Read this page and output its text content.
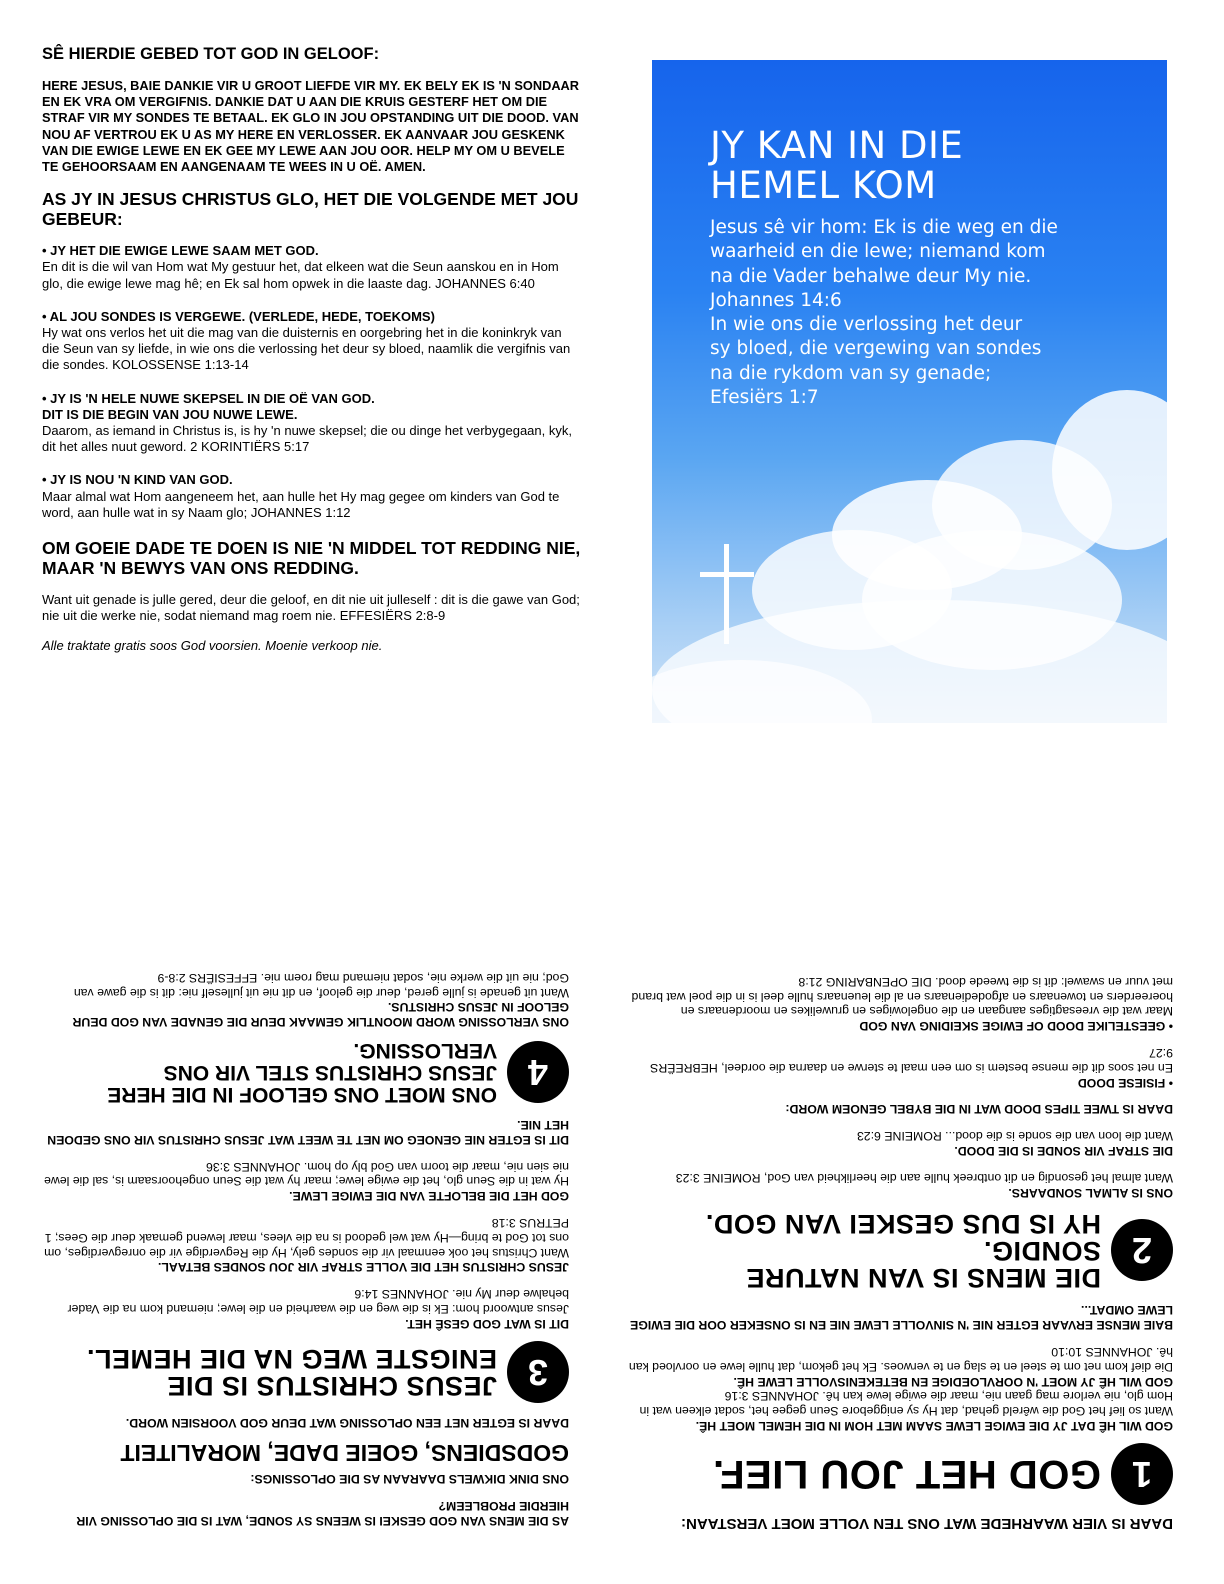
SÊ HIERDIE GEBED TOT GOD IN GELOOF:

HERE JESUS, BAIE DANKIE VIR U GROOT LIEFDE VIR MY. EK BELY EK IS 'N SONDAAR EN EK VRA OM VERGIFNIS. DANKIE DAT U AAN DIE KRUIS GESTERF HET OM DIE STRAF VIR MY SONDES TE BETAAL. EK GLO IN JOU OPSTANDING UIT DIE DOOD. VAN NOU AF VERTROU EK U AS MY HERE EN VERLOSSER. EK AANVAAR JOU GESKENK VAN DIE EWIGE LEWE EN EK GEE MY LEWE AAN JOU OOR. HELP MY OM U BEVELE TE GEHOORSAAM EN AANGENAAM TE WEES IN U OË. AMEN.

AS JY IN JESUS CHRISTUS GLO, HET DIE VOLGENDE MET JOU GEBEUR:

• JY HET DIE EWIGE LEWE SAAM MET GOD.

En dit is die wil van Hom wat My gestuur het, dat elkeen wat die Seun aanskou en in Hom glo, die ewige lewe mag hê; en Ek sal hom opwek in die laaste dag. JOHANNES 6:40

• AL JOU SONDES IS VERGEWE. (VERLEDE, HEDE, TOEKOMS)

Hy wat ons verlos het uit die mag van die duisternis en oorgebring het in die koninkryk van die Seun van sy liefde, in wie ons die verlossing het deur sy bloed, naamlik die vergifnis van die sondes. KOLOSSENSE 1:13-14

• JY IS 'N HELE NUWE SKEPSEL IN DIE OË VAN GOD.

DIT IS DIE BEGIN VAN JOU NUWE LEWE.

Daarom, as iemand in Christus is, is hy 'n nuwe skepsel; die ou dinge het verbygegaan, kyk, dit het alles nuut geword. 2 KORINTIËRS 5:17

• JY IS NOU 'N KIND VAN GOD.

Maar almal wat Hom aangeneem het, aan hulle het Hy mag gegee om kinders van God te word, aan hulle wat in sy Naam glo; JOHANNES 1:12

OM GOEIE DADE TE DOEN IS NIE 'N MIDDEL TOT REDDING NIE, MAAR 'N BEWYS VAN ONS REDDING.

Want uit genade is julle gered, deur die geloof, en dit nie uit julleself : dit is die gawe van God; nie uit die werke nie, sodat niemand mag roem nie. EFFESIËRS 2:8-9

Alle traktate gratis soos God voorsien. Moenie verkoop nie.

JY KAN IN DIE
HEMEL KOM
Jesus sê vir hom: Ek is die weg en die
waarheid en die lewe; niemand kom
na die Vader behalwe deur My nie.
Johannes 14:6
In wie ons die verlossing het deur
sy bloed, die vergewing van sondes
na die rykdom van sy genade;
Efesiërs 1:7

DAAR IS VIER WAARHEDE WAT ONS TEN VOLLE MOET VERSTAAN:

1
GOD HET JOU LIEF.

GOD WIL HÊ DAT JY DIE EWIGE LEWE SAAM MET HOM IN DIE HEMEL MOET HÊ.

Want so lief het God die wêreld gehad, dat Hy sy eniggebore Seun gegee het, sodat elkeen wat in Hom glo, nie verlore mag gaan nie, maar die ewige lewe kan hê. JOHANNES 3:16

GOD WIL HÊ JY MOET 'N OORVLOEDIGE EN BETEKENISVOLLE LEWE HÊ.

Die dief kom net om te steel en te slag en te verwoes. Ek het gekom, dat hulle lewe en oorvloed kan hê. JOHANNES 10:10

BAIE MENSE ERVAAR EGTER NIE 'N SINVOLLE LEWE NIE EN IS ONSEKER OOR DIE EWIGE LEWE OMDAT...

2
DIE MENS IS VAN NATURE SONDIG.
HY IS DUS GESKEI VAN GOD.

ONS IS ALMAL SONDAARS.

Want almal het gesondig en dit ontbreek hulle aan die heerlikheid van God, ROMEINE 3:23

DIE STRAF VIR SONDE IS DIE DOOD.

Want die loon van die sonde is die dood... ROMEINE 6:23

DAAR IS TWEE TIPES DOOD WAT IN DIE BYBEL GENOEM WORD:

• FISIESE DOOD

En net soos dit die mense bestem is om een maal te sterwe en daarna die oordeel, HEBREËRS 9:27

• GEESTELIKE DOOD OF EWIGE SKEIDING VAN GOD

Maar wat die vreesagtiges aangaan en die ongelowiges en gruwelikes en moordenaars en hoereerders en towenaars en afgodedienaars en al die leuenaars hulle deel is in die poel wat brand met vuur en swawel: dit is die tweede dood. DIE OPENBARING 21:8

AS DIE MENS VAN GOD GESKEI IS WEENS SY SONDE, WAT IS DIE OPLOSSING VIR HIERDIE PROBLEEM?

ONS DINK DIKWELS DAARAAN AS DIE OPLOSSINGS:

GODSDIENS, GOEIE DADE, MORALITEIT

DAAR IS EGTER NET EEN OPLOSSING WAT DEUR GOD VOORSIEN WORD.

3
JESUS CHRISTUS IS DIE
ENIGSTE WEG NA DIE HEMEL.

DIT IS WAT GOD GESÊ HET.

Jesus antwoord hom: Ek is die weg en die waarheid en die lewe; niemand kom na die Vader behalwe deur My nie. JOHANNES 14:6

JESUS CHRISTUS HET DIE VOLLE STRAF VIR JOU SONDES BETAAL.

Want Christus het ook eenmaal vir die sondes gely, Hy die Regverdige vir die onregverdiges, om ons tot God te bring—Hy wat wel gedood is na die vlees, maar lewend gemaak deur die Gees; 1 PETRUS 3:18

GOD HET DIE BELOFTE VAN DIE EWIGE LEWE.

Hy wat in die Seun glo, het die ewige lewe; maar hy wat die Seun ongehoorsaam is, sal die lewe nie sien nie, maar die toorn van God bly op hom. JOHANNES 3:36

DIT IS EGTER NIE GENOEG OM NET TE WEET WAT JESUS CHRISTUS VIR ONS GEDOEN HET NIE.

4
ONS MOET ONS GELOOF IN DIE HERE
JESUS CHRISTUS STEL VIR ONS VERLOSSING.

ONS VERLOSSING WORD MOONTLIK GEMAAK DEUR DIE GENADE VAN GOD DEUR GELOOF IN JESUS CHRISTUS.

Want uit genade is julle gered, deur die geloof, en dit nie uit julleself nie: dit is die gawe van God; nie uit die werke nie, sodat niemand mag roem nie. EFFESIËRS 2:8-9
